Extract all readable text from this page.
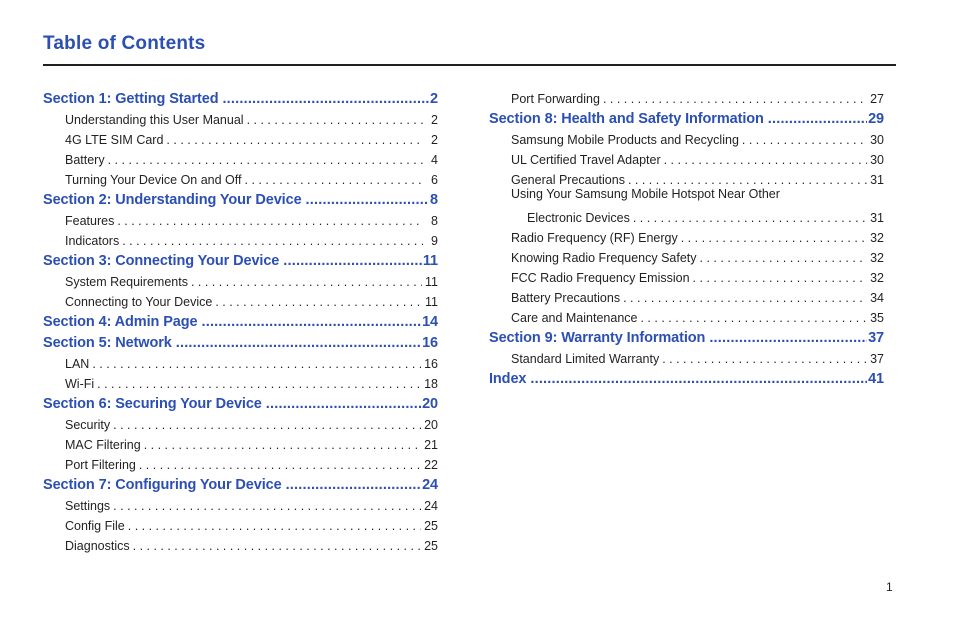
Table of Contents
Section 1: Getting Started .....	2
Understanding this User Manual . . .	2
4G LTE SIM Card . . .	2
Battery . . .	4
Turning Your Device On and Off . . .	6
Section 2: Understanding Your Device .....	8
Features . . .	8
Indicators . . .	9
Section 3: Connecting Your Device .....	11
System Requirements . . .	11
Connecting to Your Device . . .	11
Section 4: Admin Page .....	14
Section 5: Network .....	16
LAN . . .	16
Wi-Fi . . .	18
Section 6: Securing Your Device .....	20
Security . . .	20
MAC Filtering . . .	21
Port Filtering . . .	22
Section 7: Configuring Your Device .....	24
Settings . . .	24
Config File . . .	25
Diagnostics . . .	25
Port Forwarding . . .	27
Section 8: Health and Safety Information .....	29
Samsung Mobile Products and Recycling . . .	30
UL Certified Travel Adapter . . .	30
General Precautions . . .	31
Using Your Samsung Mobile Hotspot Near Other
Electronic Devices . . .	31
Radio Frequency (RF) Energy . . .	32
Knowing Radio Frequency Safety . . .	32
FCC Radio Frequency Emission . . .	32
Battery Precautions . . .	34
Care and Maintenance . . .	35
Section 9: Warranty Information .....	37
Standard Limited Warranty . . .	37
Index .....	41
1
